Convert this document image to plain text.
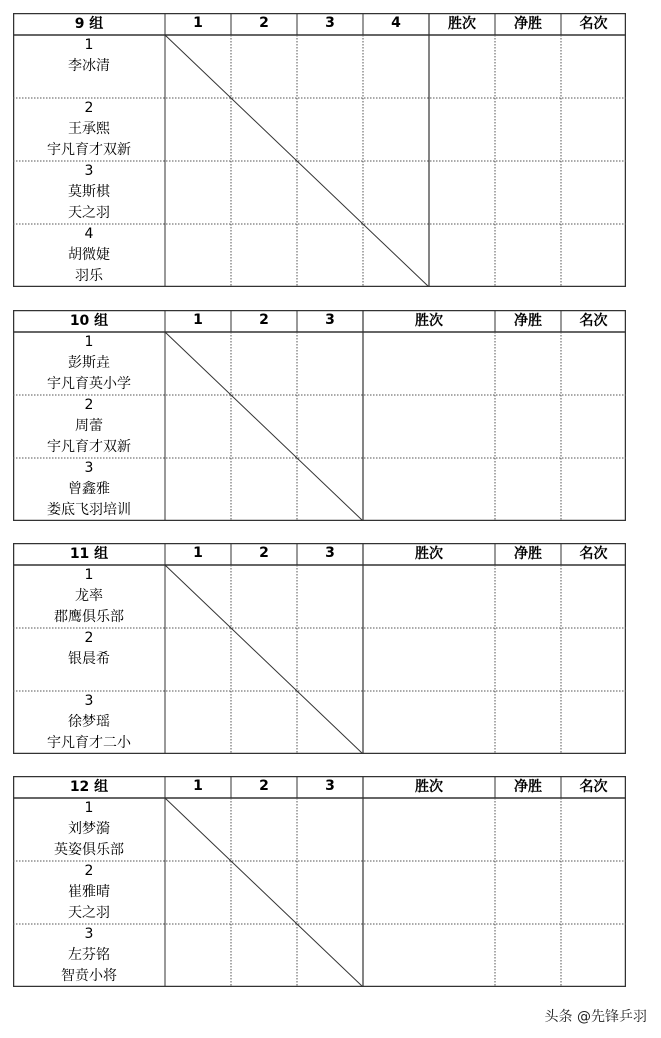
9 组	1	2	3	4	胜次	净胜	名次
1
李冰清
2
王承熙
宇凡育才双新
3
莫斯棋
天之羽
4
胡微婕
羽乐
10 组	1	2	3	胜次	净胜	名次
1
彭斯垚
宇凡育英小学
2
周蕾
宇凡育才双新
3
曾鑫雅
娄底飞羽培训
11 组	1	2	3	胜次	净胜	名次
1
龙率
郡鹰俱乐部
2
银晨希
3
徐梦瑶
宇凡育才二小
12 组	1	2	3	胜次	净胜	名次
1
刘梦漪
英姿俱乐部
2
崔雅晴
天之羽
3
左芬铭
智贲小将
头条 @先锋乒羽
